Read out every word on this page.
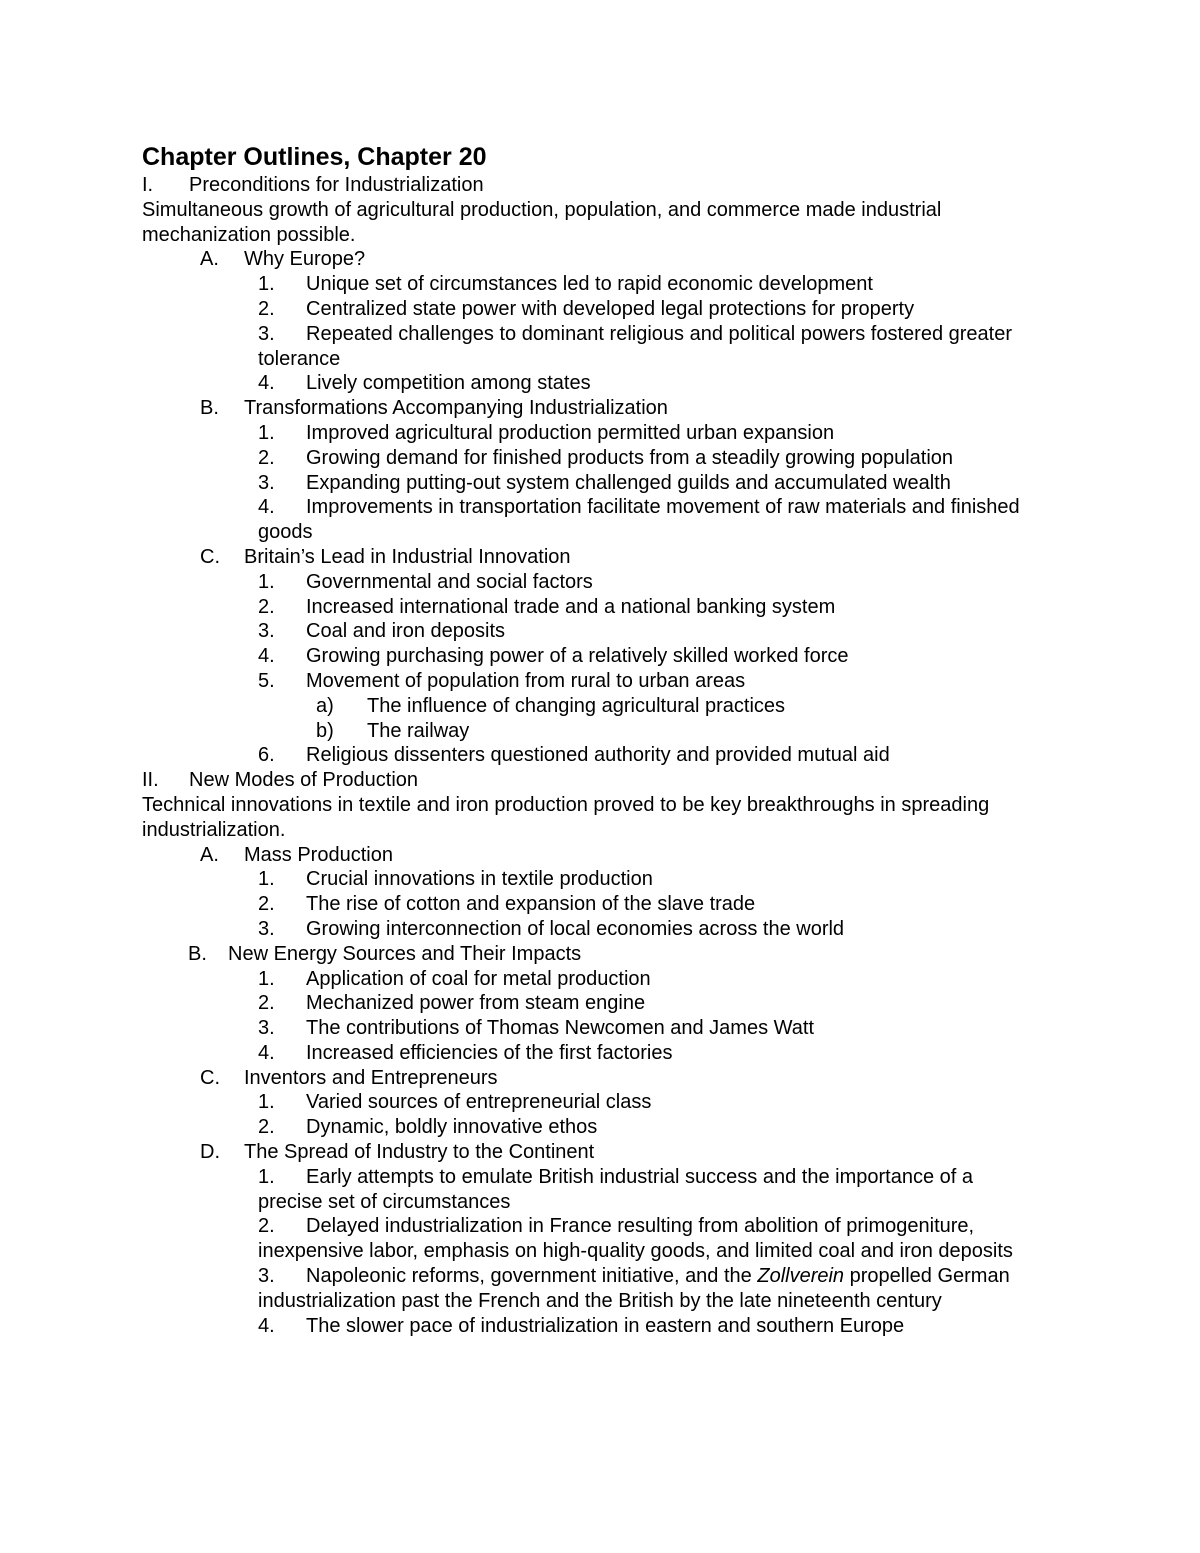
Chapter Outlines, Chapter 20
I.	Preconditions for Industrialization
Simultaneous growth of agricultural production, population, and commerce made industrial mechanization possible.
A.	Why Europe?
1. Unique set of circumstances led to rapid economic development
2. Centralized state power with developed legal protections for property
3. Repeated challenges to dominant religious and political powers fostered greater tolerance
4. Lively competition among states
B.	Transformations Accompanying Industrialization
1. Improved agricultural production permitted urban expansion
2. Growing demand for finished products from a steadily growing population
3. Expanding putting-out system challenged guilds and accumulated wealth
4. Improvements in transportation facilitate movement of raw materials and finished goods
C.	Britain’s Lead in Industrial Innovation
1. Governmental and social factors
2. Increased international trade and a national banking system
3. Coal and iron deposits
4. Growing purchasing power of a relatively skilled worked force
5. Movement of population from rural to urban areas
a)	The influence of changing agricultural practices
b)	The railway
6. Religious dissenters questioned authority and provided mutual aid
II.	New Modes of Production
Technical innovations in textile and iron production proved to be key breakthroughs in spreading industrialization.
A.	Mass Production
1. Crucial innovations in textile production
2. The rise of cotton and expansion of the slave trade
3. Growing interconnection of local economies across the world
B.	New Energy Sources and Their Impacts
1. Application of coal for metal production
2. Mechanized power from steam engine
3. The contributions of Thomas Newcomen and James Watt
4. Increased efficiencies of the first factories
C.	Inventors and Entrepreneurs
1. Varied sources of entrepreneurial class
2. Dynamic, boldly innovative ethos
D.	The Spread of Industry to the Continent
1. Early attempts to emulate British industrial success and the importance of a precise set of circumstances
2. Delayed industrialization in France resulting from abolition of primogeniture, inexpensive labor, emphasis on high-quality goods, and limited coal and iron deposits
3. Napoleonic reforms, government initiative, and the Zollverein propelled German industrialization past the French and the British by the late nineteenth century
4. The slower pace of industrialization in eastern and southern Europe
